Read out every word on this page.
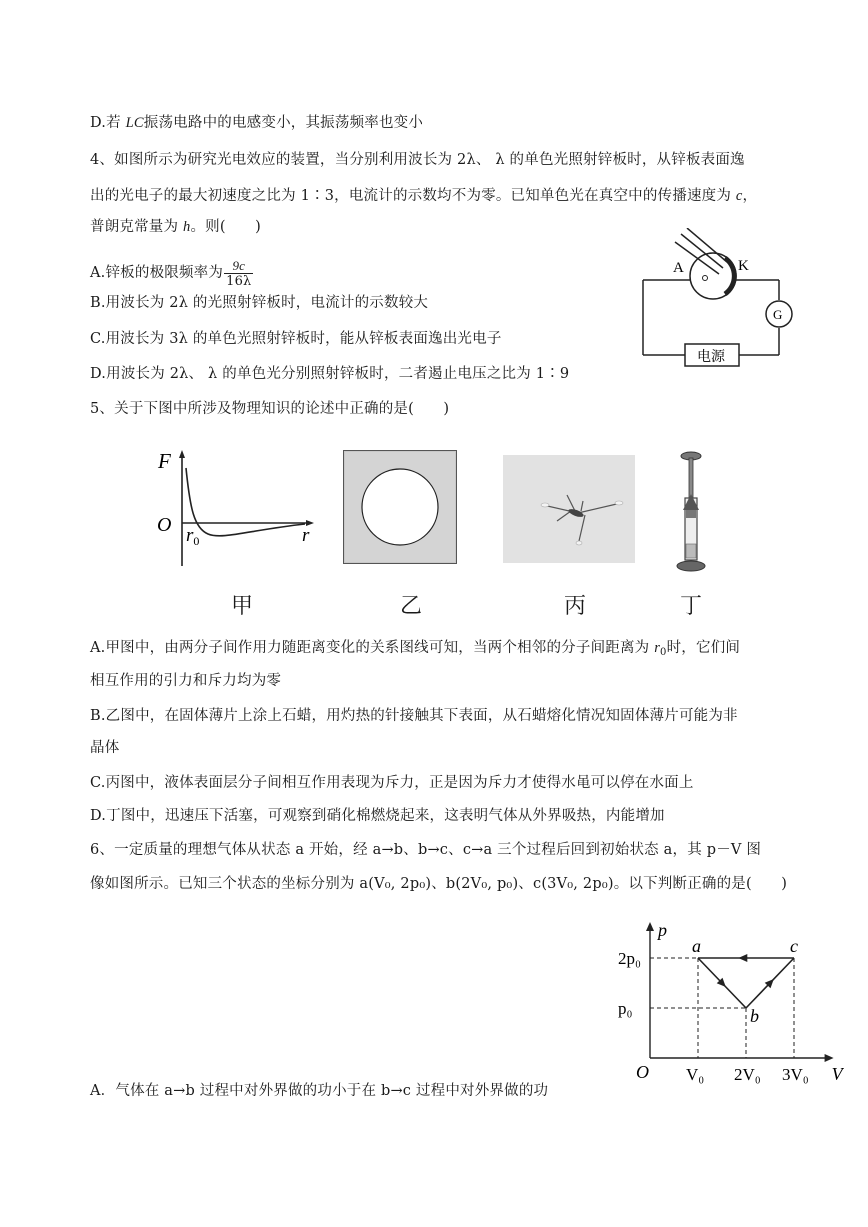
D.若 LC振荡电路中的电感变小，其振荡频率也变小
4、如图所示为研究光电效应的装置，当分别利用波长为 2λ、 λ 的单色光照射锌板时，从锌板表面逸
出的光电子的最大初速度之比为 1∶3，电流计的示数均不为零。已知单色光在真空中的传播速度为 c，
普朗克常量为 h。则(　　)
A.锌板的极限频率为 $\frac{9c}{16\lambda}$
B.用波长为 2λ 的光照射锌板时，电流计的示数较大
C.用波长为 3λ 的单色光照射锌板时，能从锌板表面逸出光电子
D.用波长为 2λ、 λ 的单色光分别照射锌板时，二者遏止电压之比为 1∶9
A	K
G
电源
5、关于下图中所涉及物理知识的论述中正确的是(　　)
F
O $r_0$	r
甲	乙	丙	丁
A.甲图中，由两分子间作用力随距离变化的关系图线可知，当两个相邻的分子间距离为 $r_0$时，它们间
相互作用的引力和斥力均为零
B.乙图中，在固体薄片上涂上石蜡，用灼热的针接触其下表面，从石蜡熔化情况知固体薄片可能为非
晶体
C.丙图中，液体表面层分子间相互作用表现为斥力，正是因为斥力才使得水黾可以停在水面上
D.丁图中，迅速压下活塞，可观察到硝化棉燃烧起来，这表明气体从外界吸热，内能增加
6、一定质量的理想气体从状态 a 开始，经 a→b、b→c、c→a 三个过程后回到初始状态 a，其 p－V 图
像如图所示。已知三个状态的坐标分别为 a(V₀, 2p₀)、b(2V₀, p₀)、c(3V₀, 2p₀)。以下判断正确的是(　　)
a
b
c
V₀ 2V₀ 3V₀
p₀
2p₀
O	V
p
A．气体在 a→b 过程中对外界做的功小于在 b→c 过程中对外界做的功
